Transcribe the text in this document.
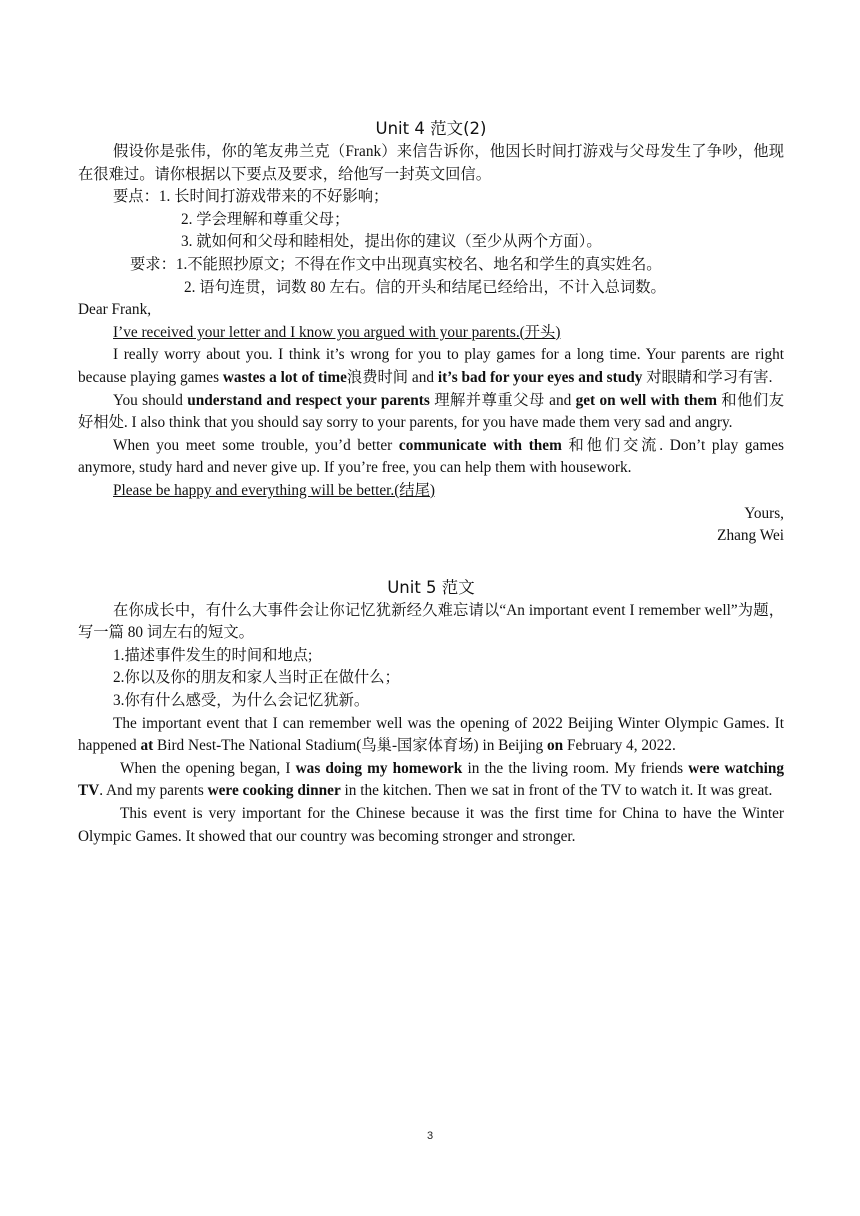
Unit 4 范文(2)

假设你是张伟，你的笔友弗兰克（Frank）来信告诉你，他因长时间打游戏与父母发生了争吵，他现在很难过。请你根据以下要点及要求，给他写一封英文回信。

要点：1. 长时间打游戏带来的不好影响；

2. 学会理解和尊重父母；

3. 就如何和父母和睦相处，提出你的建议（至少从两个方面）。

要求：1.不能照抄原文；不得在作文中出现真实校名、地名和学生的真实姓名。

2. 语句连贯，词数 80 左右。信的开头和结尾已经给出，不计入总词数。

Dear Frank,

I’ve received your letter and I know you argued with your parents.(开头)

I really worry about you. I think it’s wrong for you to play games for a long time. Your parents are right because playing games wastes a lot of time浪费时间 and it’s bad for your eyes and study 对眼睛和学习有害.

You should understand and respect your parents 理解并尊重父母 and get on well with them 和他们友好相处. I also think that you should say sorry to your parents, for you have made them very sad and angry.

When you meet some trouble, you’d better communicate with them 和他们交流. Don’t play games anymore, study hard and never give up. If you’re free, you can help them with housework.

Please be happy and everything will be better.(结尾)

Yours,

Zhang Wei

Unit 5 范文

在你成长中，有什么大事件会让你记忆犹新经久难忘请以“An important event I remember well”为题，写一篇 80 词左右的短文。

1.描述事件发生的时间和地点;

2.你以及你的朋友和家人当时正在做什么；

3.你有什么感受，为什么会记忆犹新。

The important event that I can remember well was the opening of 2022 Beijing Winter Olympic Games. It happened at Bird Nest-The National Stadium(鸟巢-国家体育场) in Beijing on February 4, 2022.

When the opening began, I was doing my homework in the the living room. My friends were watching TV. And my parents were cooking dinner in the kitchen. Then we sat in front of the TV to watch it. It was great.

This event is very important for the Chinese because it was the first time for China to have the Winter Olympic Games. It showed that our country was becoming stronger and stronger.

3
